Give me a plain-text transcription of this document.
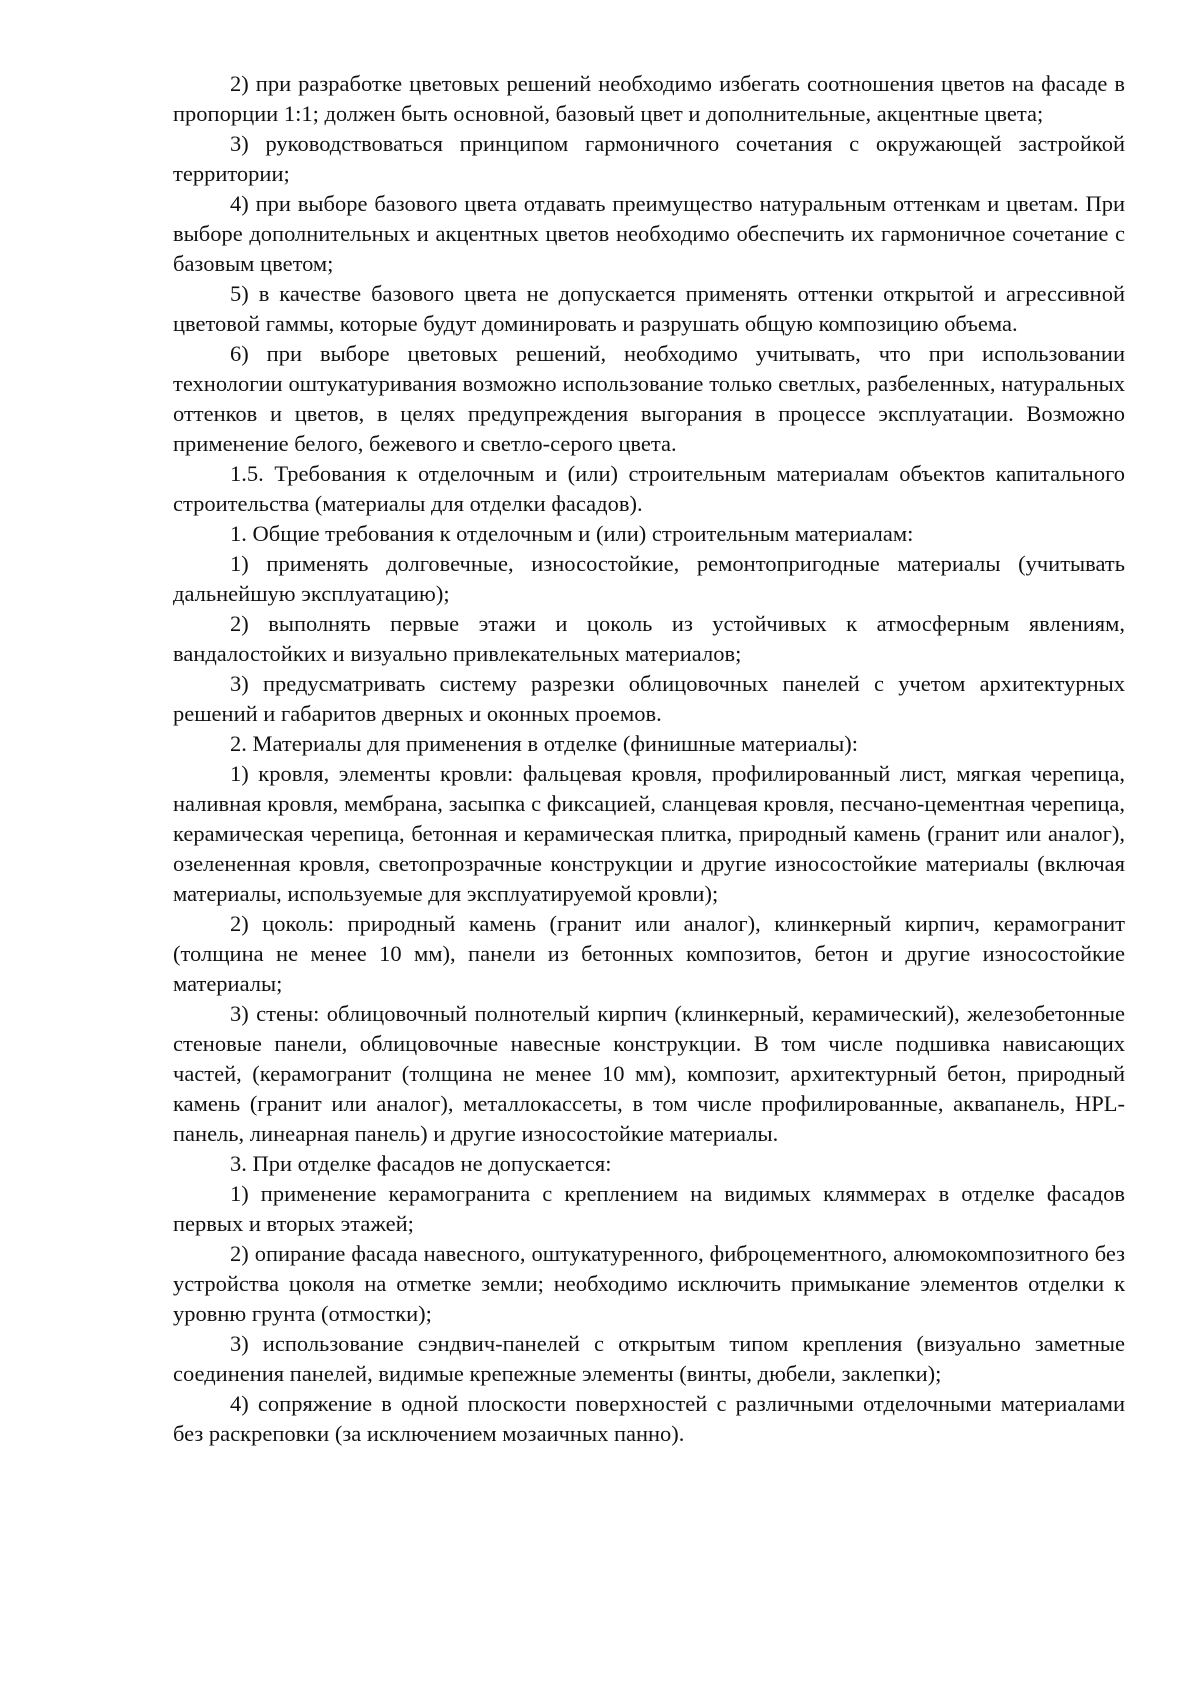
2) при разработке цветовых решений необходимо избегать соотношения цветов на фасаде в пропорции 1:1; должен быть основной, базовый цвет и дополнительные, акцентные цвета;

3) руководствоваться принципом гармоничного сочетания с окружающей застройкой территории;

4) при выборе базового цвета отдавать преимущество натуральным оттенкам и цветам. При выборе дополнительных и акцентных цветов необходимо обеспечить их гармоничное сочетание с базовым цветом;

5) в качестве базового цвета не допускается применять оттенки открытой и агрессивной цветовой гаммы, которые будут доминировать и разрушать общую композицию объема.

6) при выборе цветовых решений, необходимо учитывать, что при использовании технологии оштукатуривания возможно использование только светлых, разбеленных, натуральных оттенков и цветов, в целях предупреждения выгорания в процессе эксплуатации. Возможно применение белого, бежевого и светло-серого цвета.

1.5. Требования к отделочным и (или) строительным материалам объектов капитального строительства (материалы для отделки фасадов).

1. Общие требования к отделочным и (или) строительным материалам:

1) применять долговечные, износостойкие, ремонтопригодные материалы (учитывать дальнейшую эксплуатацию);

2) выполнять первые этажи и цоколь из устойчивых к атмосферным явлениям, вандалостойких и визуально привлекательных материалов;

3) предусматривать систему разрезки облицовочных панелей с учетом архитектурных решений и габаритов дверных и оконных проемов.

2. Материалы для применения в отделке (финишные материалы):

1) кровля, элементы кровли: фальцевая кровля, профилированный лист, мягкая черепица, наливная кровля, мембрана, засыпка с фиксацией, сланцевая кровля, песчано-цементная черепица, керамическая черепица, бетонная и керамическая плитка, природный камень (гранит или аналог), озелененная кровля, светопрозрачные конструкции и другие износостойкие материалы (включая материалы, используемые для эксплуатируемой кровли);

2) цоколь: природный камень (гранит или аналог), клинкерный кирпич, керамогранит (толщина не менее 10 мм), панели из бетонных композитов, бетон и другие износостойкие материалы;

3) стены: облицовочный полнотелый кирпич (клинкерный, керамический), железобетонные стеновые панели, облицовочные навесные конструкции. В том числе подшивка нависающих частей, (керамогранит (толщина не менее 10 мм), композит, архитектурный бетон, природный камень (гранит или аналог), металлокассеты, в том числе профилированные, аквапанель, HPL-панель, линеарная панель) и другие износостойкие материалы.

3. При отделке фасадов не допускается:

1) применение керамогранита с креплением на видимых кляммерах в отделке фасадов первых и вторых этажей;

2) опирание фасада навесного, оштукатуренного, фиброцементного, алюмокомпозитного без устройства цоколя на отметке земли; необходимо исключить примыкание элементов отделки к уровню грунта (отмостки);

3) использование сэндвич-панелей с открытым типом крепления (визуально заметные соединения панелей, видимые крепежные элементы (винты, дюбели, заклепки);

4) сопряжение в одной плоскости поверхностей с различными отделочными материалами без раскреповки (за исключением мозаичных панно).
